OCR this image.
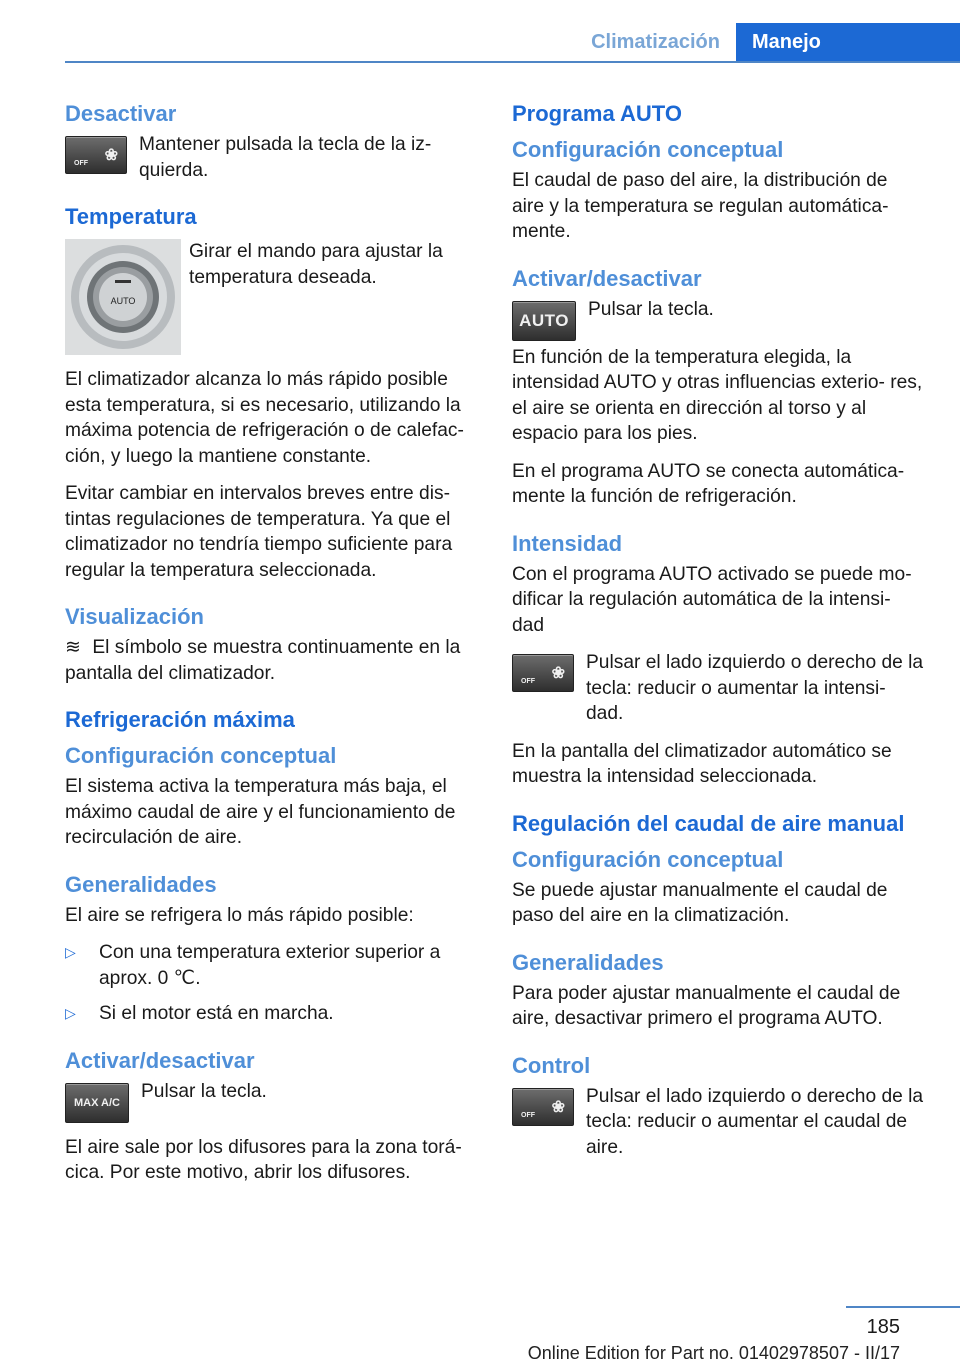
Climatización	Manejo
Desactivar
OFF ❀
Mantener pulsada la tecla de la iz‐ quierda.
Temperatura
AUTO
Girar el mando para ajustar la temperatura deseada.
El climatizador alcanza lo más rápido posible esta temperatura, si es necesario, utilizando la máxima potencia de refrigeración o de calefac‐ ción, y luego la mantiene constante.
Evitar cambiar en intervalos breves entre dis‐ tintas regulaciones de temperatura. Ya que el climatizador no tendría tiempo suficiente para regular la temperatura seleccionada.
Visualización
≋ El símbolo se muestra continuamente en la pantalla del climatizador.
Refrigeración máxima
Configuración conceptual
El sistema activa la temperatura más baja, el máximo caudal de aire y el funcionamiento de recirculación de aire.
Generalidades
El aire se refrigera lo más rápido posible:
▷	Con una temperatura exterior superior a aprox. 0 ℃.
▷	Si el motor está en marcha.
Activar/desactivar
MAX A/C
Pulsar la tecla.
El aire sale por los difusores para la zona torá‐ cica. Por este motivo, abrir los difusores.
Programa AUTO
Configuración conceptual
El caudal de paso del aire, la distribución de aire y la temperatura se regulan automática‐ mente.
Activar/desactivar
AUTO
Pulsar la tecla.
En función de la temperatura elegida, la intensidad AUTO y otras influencias exterio‐ res, el aire se orienta en dirección al torso y al espacio para los pies.
En el programa AUTO se conecta automática‐ mente la función de refrigeración.
Intensidad
Con el programa AUTO activado se puede mo‐ dificar la regulación automática de la intensi‐ dad
OFF ❀
Pulsar el lado izquierdo o derecho de la tecla: reducir o aumentar la intensi‐ dad.
En la pantalla del climatizador automático se muestra la intensidad seleccionada.
Regulación del caudal de aire manual
Configuración conceptual
Se puede ajustar manualmente el caudal de paso del aire en la climatización.
Generalidades
Para poder ajustar manualmente el caudal de aire, desactivar primero el programa AUTO.
Control
OFF ❀
Pulsar el lado izquierdo o derecho de la tecla: reducir o aumentar el caudal de aire.
185
Online Edition for Part no. 01402978507 - II/17
